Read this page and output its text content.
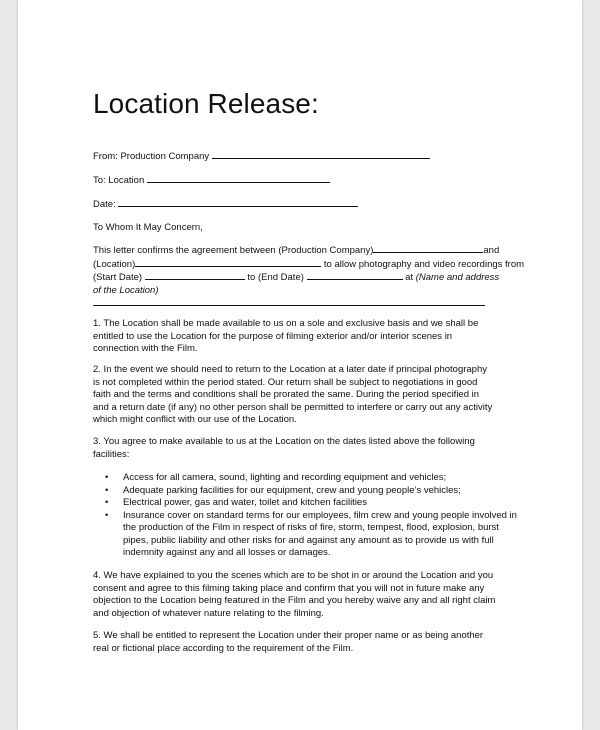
Location Release:
From: Production Company
To: Location
Date:
To Whom It May Concern,
This letter confirms the agreement between (Production Company)	and
(Location)	to allow photography and video recordings from
(Start Date)	to (End Date)	at (Name and address
of the Location)
1. The Location shall be made available to us on a sole and exclusive basis and we shall be
entitled to use the Location for the purpose of filming exterior and/or interior scenes in
connection with the Film.
2. In the event we should need to return to the Location at a later date if principal photography
is not completed within the period stated. Our return shall be subject to negotiations in good
faith and the terms and conditions shall be prorated the same. During the period specified in
and a return date (if any) no other person shall be permitted to interfere or carry out any activity
which might conflict with our use of the Location.
3. You agree to make available to us at the Location on the dates listed above the following
facilities:
• Access for all camera, sound, lighting and recording equipment and vehicles;
• Adequate parking facilities for our equipment, crew and young people’s vehicles;
• Electrical power, gas and water, toilet and kitchen facilities
• Insurance cover on standard terms for our employees, film crew and young people involved in the production of the Film in respect of risks of fire, storm, tempest, flood, explosion, burst pipes, public liability and other risks for and against any amount as to provide us with full indemnity against any and all losses or damages.
4. We have explained to you the scenes which are to be shot in or around the Location and you
consent and agree to this filming taking place and confirm that you will not in future make any
objection to the Location being featured in the Film and you hereby waive any and all right claim
and objection of whatever nature relating to the filming.
5. We shall be entitled to represent the Location under their proper name or as being another
real or fictional place according to the requirement of the Film.
